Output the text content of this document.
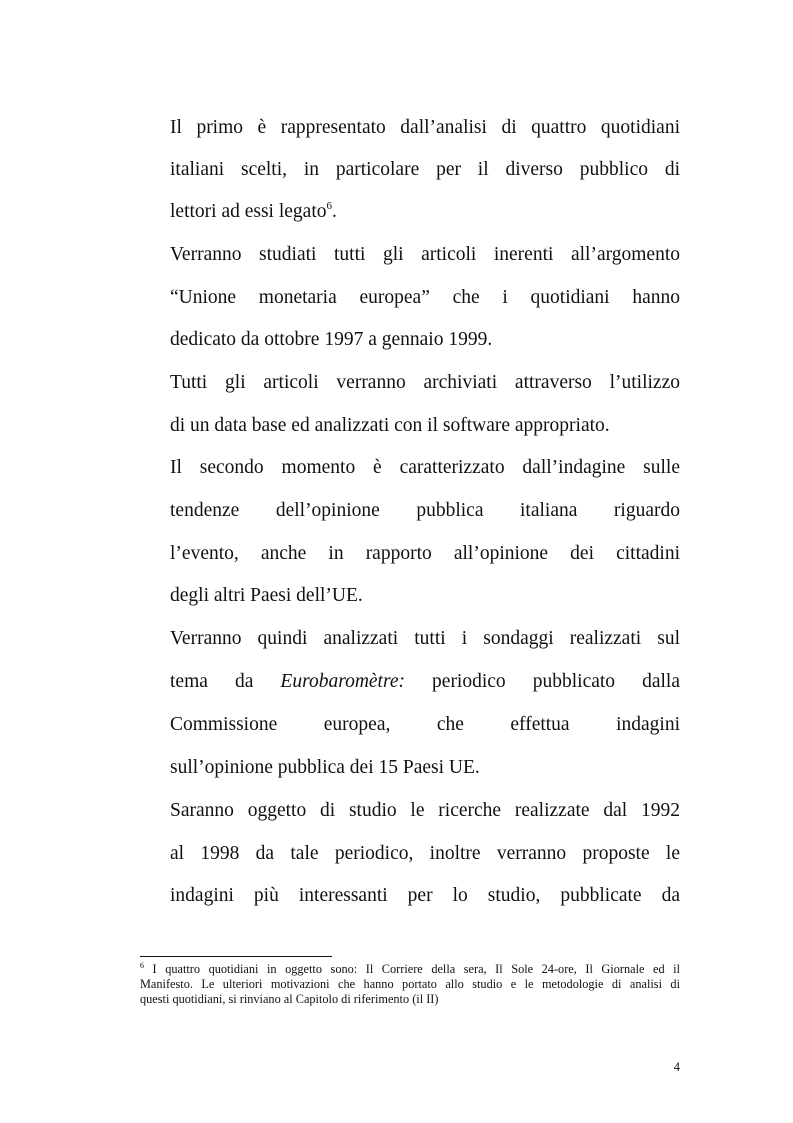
Il primo è rappresentato dall’analisi di quattro quotidiani
italiani scelti, in particolare per il diverso pubblico di
lettori ad essi legato$^6$.
Verranno studiati tutti gli articoli inerenti all’argomento
“Unione monetaria europea” che i quotidiani hanno
dedicato da ottobre 1997 a gennaio 1999.
Tutti gli articoli verranno archiviati attraverso l’utilizzo
di un data base ed analizzati con il software appropriato.
Il secondo momento è caratterizzato dall’indagine sulle
tendenze dell’opinione pubblica italiana riguardo
l’evento, anche in rapporto all’opinione dei cittadini
degli altri Paesi dell’UE.
Verranno quindi analizzati tutti i sondaggi realizzati sul
tema da Eurobaromètre: periodico pubblicato dalla
Commissione europea, che effettua indagini
sull’opinione pubblica dei 15 Paesi UE.
Saranno oggetto di studio le ricerche realizzate dal 1992
al 1998 da tale periodico, inoltre verranno proposte le
indagini più interessanti per lo studio, pubblicate da
$^6$ I quattro quotidiani in oggetto sono: Il Corriere della sera, Il Sole 24-ore, Il Giornale ed il
Manifesto. Le ulteriori motivazioni che hanno portato allo studio e le metodologie di analisi di
questi quotidiani, si rinviano al Capitolo di riferimento (il II)
4
